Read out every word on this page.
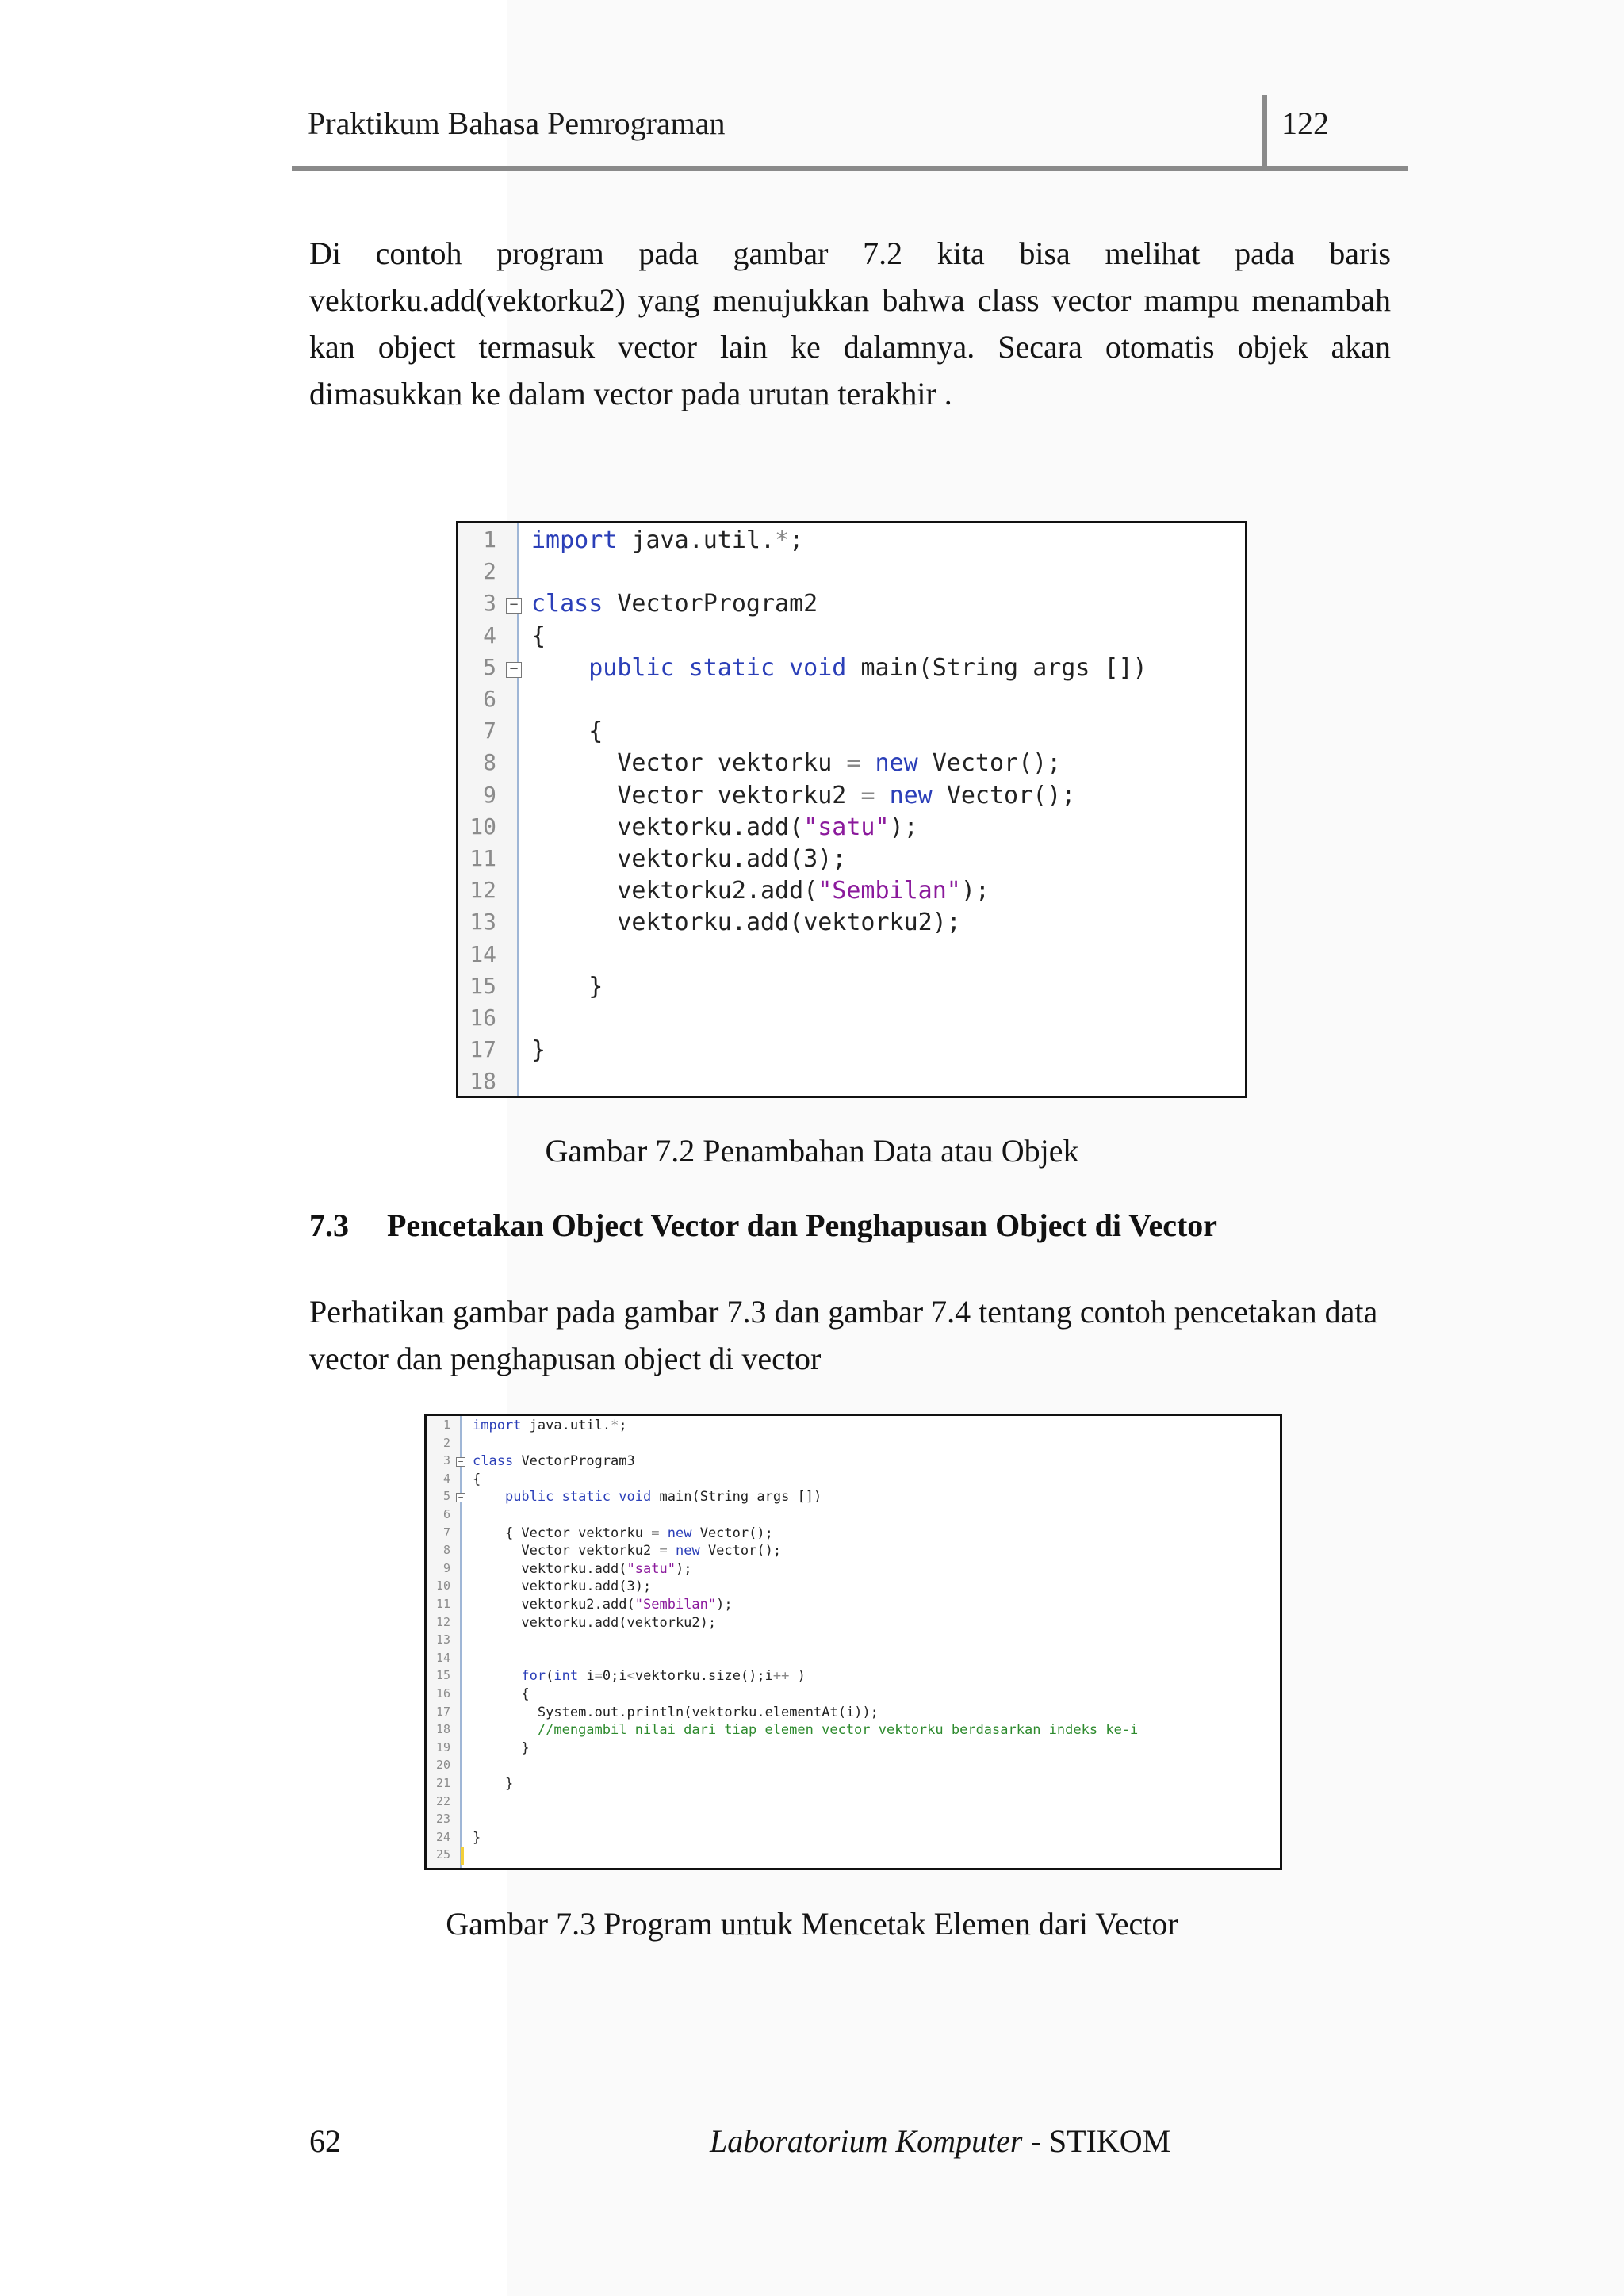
Praktikum Bahasa Pemrograman	122
Di contoh program pada gambar 7.2 kita bisa melihat pada baris vektorku.add(vektorku2) yang menujukkan bahwa class vector mampu menambah kan object termasuk vector lain ke dalamnya. Secara otomatis objek akan dimasukkan ke dalam vector pada urutan terakhir .
1 import java.util.*;
2
3 class VectorProgram2
−
4 {
5	public static void main(String args [])
−
6
7 {
8	Vector vektorku = new Vector();
9	Vector vektorku2 = new Vector();
10	vektorku.add("satu");
11	vektorku.add(3);
12	vektorku2.add("Sembilan");
13	vektorku.add(vektorku2);
14
15 }
16
17 }
18
Gambar 7.2 Penambahan Data atau Objek
7.3 Pencetakan Object Vector dan Penghapusan Object di Vector
Perhatikan gambar pada gambar 7.3 dan gambar 7.4 tentang contoh pencetakan data vector dan penghapusan object di vector
1 import java.util.*;
2
3 class VectorProgram3
−
4 {
5	public static void main(String args [])
−
6
7 { Vector vektorku = new Vector();
8	Vector vektorku2 = new Vector();
9	vektorku.add("satu");
10	vektorku.add(3);
11	vektorku2.add("Sembilan");
12	vektorku.add(vektorku2);
13
14
15	for(int i=0;i<vektorku.size();i++ )
16 {
17	System.out.println(vektorku.elementAt(i));
18	//mengambil nilai dari tiap elemen vector vektorku berdasarkan indeks ke-i
19 }
20
21 }
22
23
24 }
25
Gambar 7.3 Program untuk Mencetak Elemen dari Vector
62	Laboratorium Komputer - STIKOM
